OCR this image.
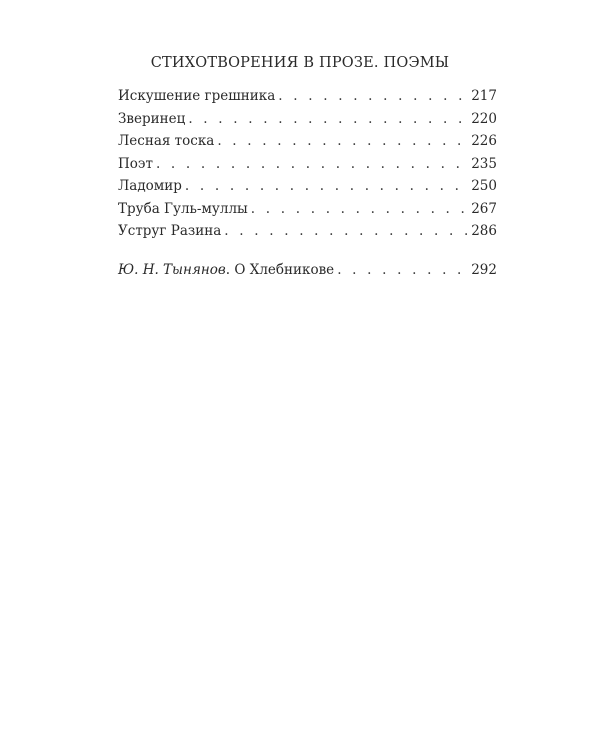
СТИХОТВОРЕНИЯ В ПРОЗЕ. ПОЭМЫ
Искушение грешника . . .	217
Зверинец . . .	220
Лесная тоска . . .	226
Поэт . . .	235
Ладомир . . .	250
Труба Гуль-муллы . . .	267
Уструг Разина . . .	286
Ю. Н. Тынянов. О Хлебникове . . .	292
